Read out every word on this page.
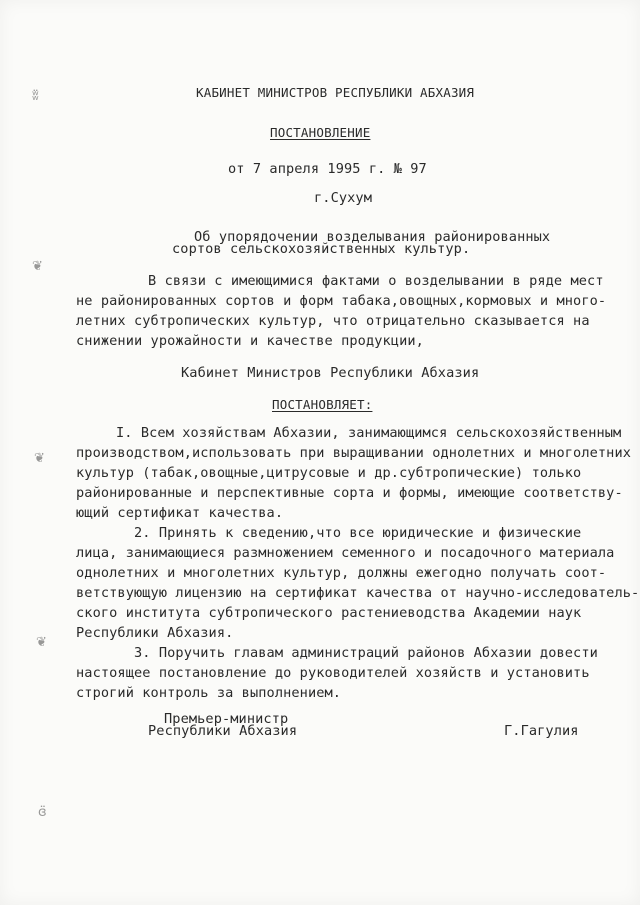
КАБИНЕТ МИНИСТРОВ РЕСПУБЛИКИ АБХАЗИЯ
ПОСТАНОВЛЕНИЕ
от 7 апреля 1995 г. № 97
г.Сухум
Об упорядочении возделывания районированных
сортов сельскохозяйственных культур.
В связи с имеющимися фактами о возделывании в ряде мест
не районированных сортов и форм табака,овощных,кормовых и много-
летних субтропических культур, что отрицательно сказывается на
снижении урожайности и качестве продукции,
Кабинет Министров Республики Абхазия
ПОСТАНОВЛЯЕТ:
I. Всем хозяйствам Абхазии, занимающимся сельскохозяйственным
производством,использовать при выращивании однолетних и многолетних
культур (табак,овощные,цитрусовые и др.субтропические) только
районированные и перспективные сорта и формы, имеющие соответству-
ющий сертификат качества.
2. Принять к сведению,что все юридические и физические
лица, занимающиеся размножением семенного и посадочного материала
однолетних и многолетних культур, должны ежегодно получать соот-
ветствующую лицензию на сертификат качества от научно-исследователь-
ского института субтропического растениеводства Академии наук
Республики Абхазия.
3. Поручить главам администраций районов Абхазии довести
настоящее постановление до руководителей хозяйств и установить
строгий контроль за выполнением.
Премьер-министр
Республики Абхазия	Г.Гагулия
ʬ̈
❦
❦
❦
ɞ̈
